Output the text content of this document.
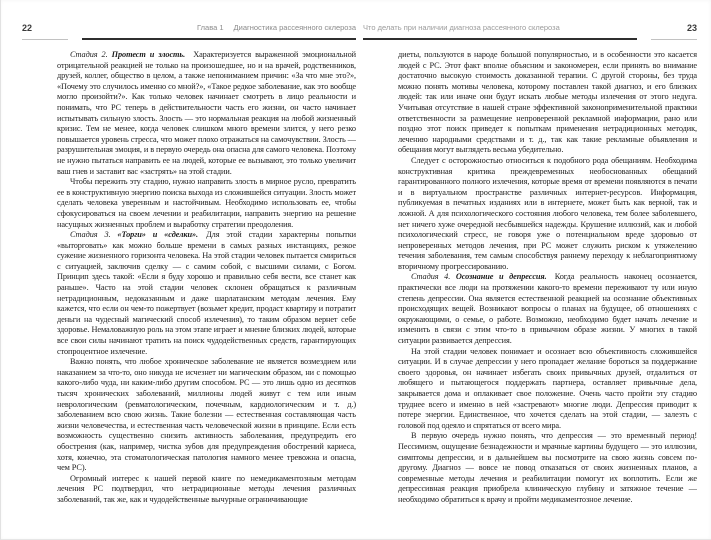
22	Глава 1 Диагностика рассеянного склероза

Стадия 2. Протест и злость.  Характеризуется выраженной эмоциональной отрицательной реакцией не только на произошедшее, но и на врачей, родственников, друзей, коллег, общество в целом, а также непониманием причин: «За что мне это?», «Почему это случилось именно со мной?», «Такое редкое заболевание, как это вообще могло произойти?». Как только человек начинает смотреть в лицо реальности и понимать, что РС теперь в действительности часть его жизни, он часто начинает испытывать сильную злость. Злость — это нормальная реакция на любой жизненный кризис. Тем не менее, когда человек слишком много времени злится, у него резко повышается уровень стресса, что может плохо отражаться на самочувствии. Злость — разрушительная эмоция, и в первую очередь она опасна для самого человека. Поэтому не нужно пытаться направить ее на людей, которые ее вызывают, это только увеличит ваш гнев и заставит вас «застрять» на этой стадии.

Чтобы пережить эту стадию, нужно направить злость в мирное русло, превратить ее в конструктивную энергию поиска выхода из сложившейся ситуации. Злость может сделать человека уверенным и настойчивым. Необходимо использовать ее, чтобы сфокусироваться на своем лечении и реабилитации, направить энергию на решение насущных жизненных проблем и выработку стратегии преодоления.

Стадия 3. «Торги» и «сделки».  Для этой стадии характерны попытки «выторговать» как можно больше времени в самых разных инстанциях, резкое сужение жизненного горизонта человека. На этой стадии человек пытается смириться с ситуацией, заключив сделку — с самим собой, с высшими силами, с Богом. Принцип здесь такой: «Если я буду хорошо и правильно себя вести, все станет как раньше». Часто на этой стадии человек склонен обращаться к различным нетрадиционным, недоказанным и даже шарлатанским методам лечения. Ему кажется, что если он чем-то пожертвует (возьмет кредит, продаст квартиру и потратит деньги на чудесный магический способ излечения), то таким образом вернет себе здоровье. Немаловажную роль на этом этапе играет и мнение близких людей, которые все свои силы начинают тратить на поиск чудодейственных средств, гарантирующих стопроцентное излечение.

Важно понять, что любое хроническое заболевание не является возмездием или наказанием за что-то, оно никуда не исчезнет ни магическим образом, ни с помощью какого-либо чуда, ни каким-либо другим способом. РС — это лишь одно из десятков тысяч хронических заболеваний, миллионы людей живут с тем или иным неврологическим (ревматологическим, почечным, кардиологическим и т. д.) заболеванием всю свою жизнь. Такие болезни — естественная составляющая часть жизни человечества, и естественная часть человеческой жизни в принципе. Если есть возможность существенно снизить активность заболевания, предупредить его обострения (как, например, чистка зубов для предупреждения обострений кариеса, хотя, конечно, эта стоматологическая патология намного менее тревожна и опасна, чем РС).

Огромный интерес к нашей первой книге по немедикаментозным методам лечения РС подтвердил, что нетрадиционные методы лечения различных заболеваний, так же, как и чудодейственные вычурные ограничивающие

Что делать при наличии диагноза рассеянного склероза	23

диеты, пользуются в народе большой популярностью, и в особенности это касается людей с РС. Этот факт вполне объясним и закономерен, если принять во внимание достаточно высокую стоимость доказанной терапии. С другой стороны, без труда можно понять мотивы человека, которому поставлен такой диагноз, и его близких людей: так или иначе они будут искать любые методы излечения от этого недуга. Учитывая отсутствие в нашей стране эффективной законоприменительной практики ответственности за размещение непроверенной рекламной информации, рано или поздно этот поиск приведет к попыткам применения нетрадиционных методик, лечению народными средствами и т. д., так как такие рекламные объявления и обещания могут выглядеть весьма убедительно.

Следует с осторожностью относиться к подобного рода обещаниям. Необходима конструктивная критика преждевременных необоснованных обещаний гарантированного полного излечения, которые время от времени появляются в печати и в виртуальном пространстве различных интернет-ресурсов. Информация, публикуемая в печатных изданиях или в интернете, может быть как верной, так и ложной. А для психологического состояния любого человека, тем более заболевшего, нет ничего хуже очередной несбывшейся надежды. Крушение иллюзий, как и любой психологический стресс, не говоря уже о потенциальном вреде здоровью от непроверенных методов лечения, при РС может служить риском к утяжелению течения заболевания, тем самым способствуя раннему переходу к неблагоприятному вторичному прогрессированию.

Стадия 4. Осознание и депрессия.  Когда реальность наконец осознается, практически все люди на протяжении какого-то времени переживают ту или иную степень депрессии. Она является естественной реакцией на осознание объективных происходящих вещей. Возникают вопросы о планах на будущее, об отношениях с окружающими, о семье, о работе. Возможно, необходимо будет начать лечение и изменить в связи с этим что-то в привычном образе жизни. У многих в такой ситуации развивается депрессия.

На этой стадии человек понимает и осознает всю объективность сложившейся ситуации. И в случае депрессии у него пропадает желание бороться за поддержание своего здоровья, он начинает избегать своих привычных друзей, отдалиться от любящего и пытающегося поддержать партнера, оставляет привычные дела, закрывается дома и оплакивает свое положение. Очень часто пройти эту стадию труднее всего и именно в ней «застревают» многие люди. Депрессия приводит к потере энергии. Единственное, что хочется сделать на этой стадии, — залезть с головой под одеяло и спрятаться от всего мира.

В первую очередь нужно понять, что депрессия — это временный период! Пессимизм, ощущение безнадежности и мрачные картины будущего — это иллюзии, симптомы депрессии, и в дальнейшем вы посмотрите на свою жизнь совсем по-другому. Диагноз — вовсе не повод отказаться от своих жизненных планов, а современные методы лечения и реабилитации помогут их воплотить. Если же депрессивная реакция приобрела клиническую глубину и затяжное течение — необходимо обратиться к врачу и пройти медикаментозное лечение.
